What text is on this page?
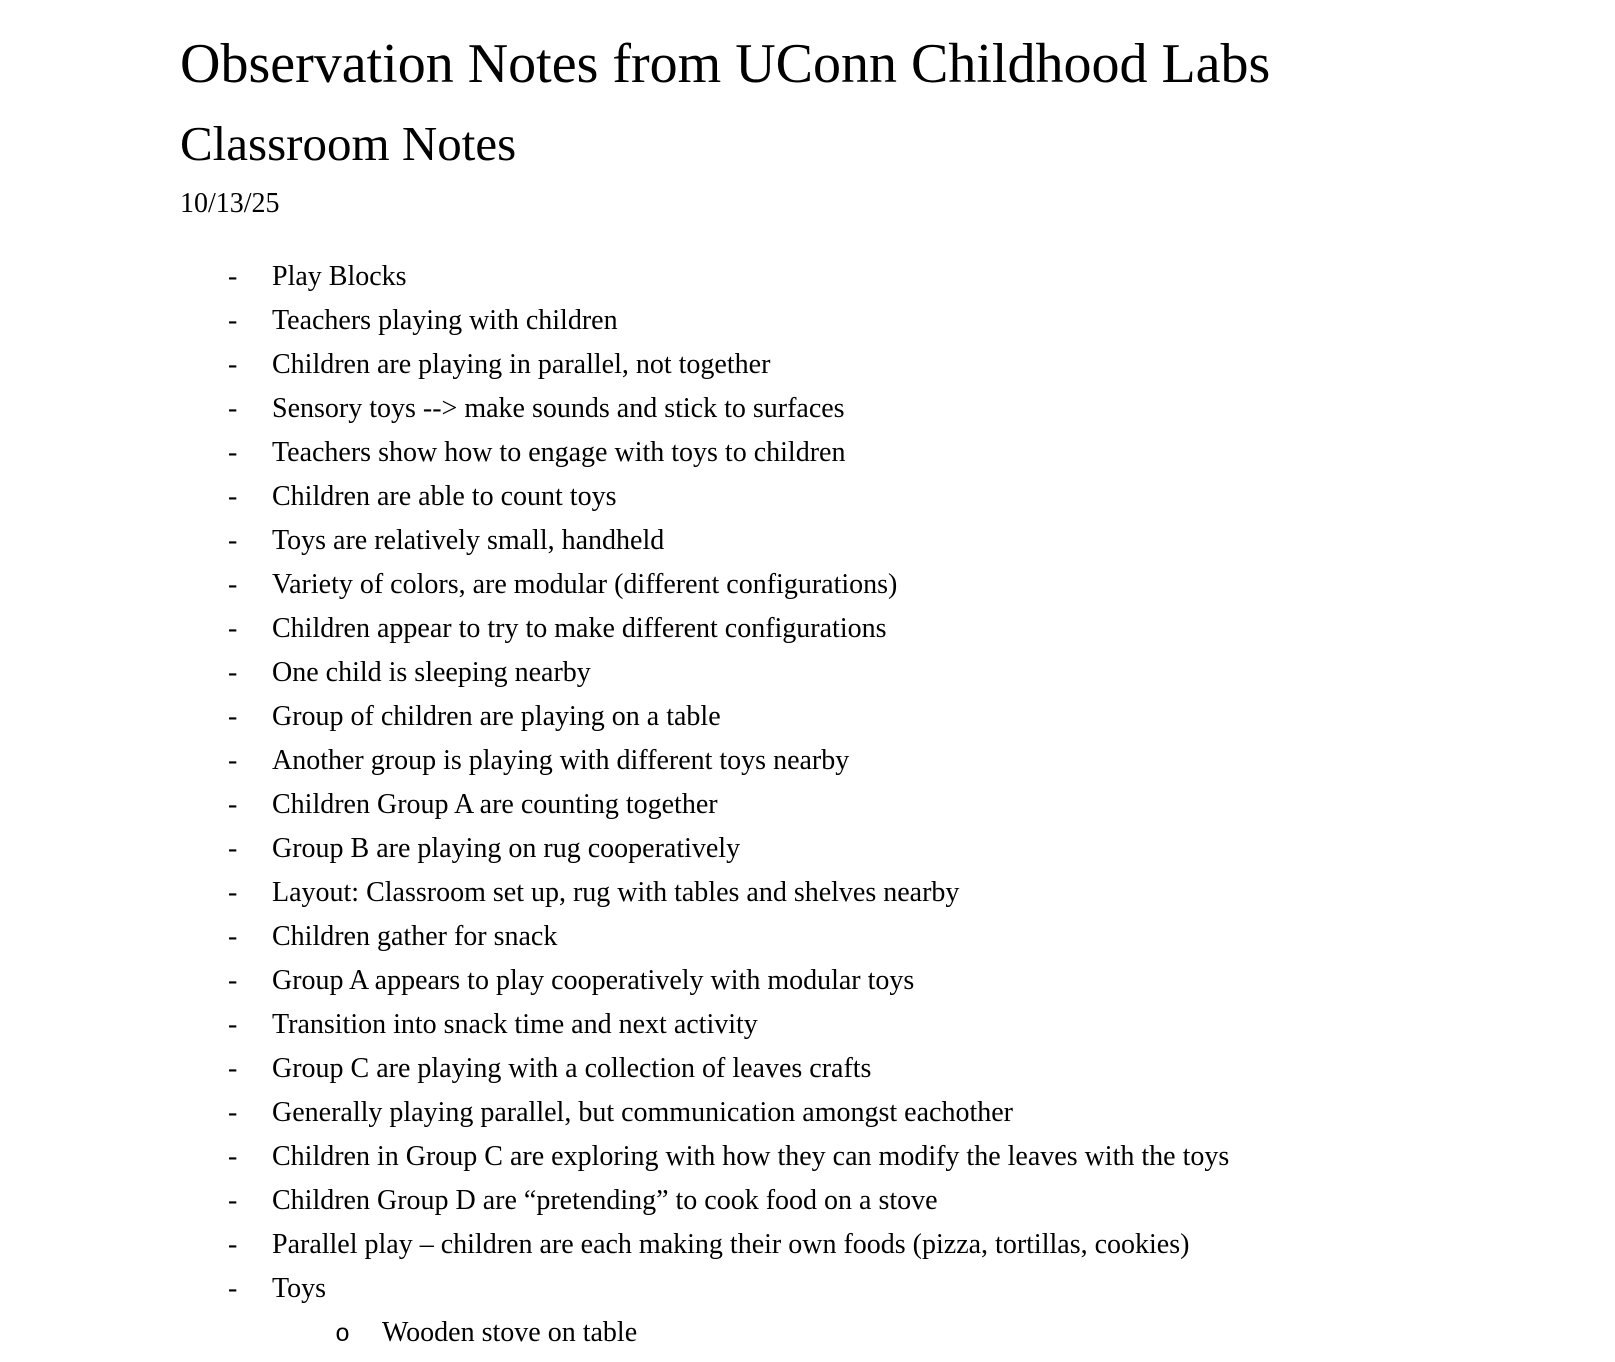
Observation Notes from UConn Childhood Labs
Classroom Notes

10/13/25

-	Play Blocks
-	Teachers playing with children
-	Children are playing in parallel, not together
-	Sensory toys --> make sounds and stick to surfaces
-	Teachers show how to engage with toys to children
-	Children are able to count toys
-	Toys are relatively small, handheld
-	Variety of colors, are modular (different configurations)
-	Children appear to try to make different configurations
-	One child is sleeping nearby
-	Group of children are playing on a table
-	Another group is playing with different toys nearby
-	Children Group A are counting together
-	Group B are playing on rug cooperatively
-	Layout: Classroom set up, rug with tables and shelves nearby
-	Children gather for snack
-	Group A appears to play cooperatively with modular toys
-	Transition into snack time and next activity
-	Group C are playing with a collection of leaves crafts
-	Generally playing parallel, but communication amongst eachother
-	Children in Group C are exploring with how they can modify the leaves with the toys
-	Children Group D are “pretending” to cook food on a stove
-	Parallel play – children are each making their own foods (pizza, tortillas, cookies)
-	Toys
o	Wooden stove on table
